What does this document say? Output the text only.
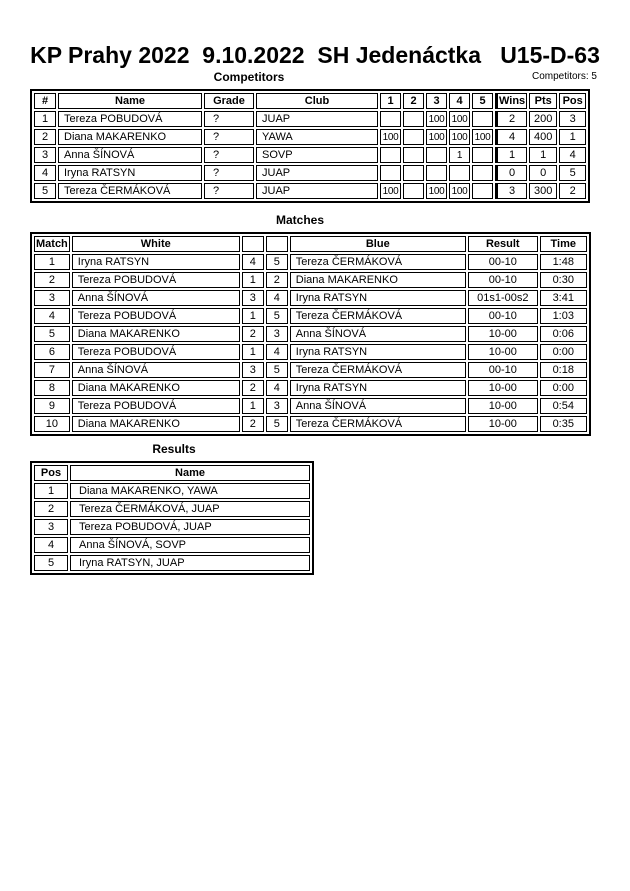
KP Prahy 2022  9.10.2022  SH Jedenáctka   U15-D-63
Competitors	Competitors: 5
#	Name	Grade	Club	1	2	3	4	5	Wins	Pts	Pos
1	Tereza POBUDOVÁ	?	JUAP			100	100		2	200	3
2	Diana MAKARENKO	?	YAWA	100		100	100	100	4	400	1
3	Anna ŠÍNOVÁ	?	SOVP				1		1	1	4
4	Iryna RATSYN	?	JUAP						0	0	5
5	Tereza ČERMÁKOVÁ	?	JUAP	100		100	100		3	300	2
Matches
Match	White			Blue	Result	Time
1	Iryna RATSYN	4	5	Tereza ČERMÁKOVÁ	00-10	1:48
2	Tereza POBUDOVÁ	1	2	Diana MAKARENKO	00-10	0:30
3	Anna ŠÍNOVÁ	3	4	Iryna RATSYN	01s1-00s2	3:41
4	Tereza POBUDOVÁ	1	5	Tereza ČERMÁKOVÁ	00-10	1:03
5	Diana MAKARENKO	2	3	Anna ŠÍNOVÁ	10-00	0:06
6	Tereza POBUDOVÁ	1	4	Iryna RATSYN	10-00	0:00
7	Anna ŠÍNOVÁ	3	5	Tereza ČERMÁKOVÁ	00-10	0:18
8	Diana MAKARENKO	2	4	Iryna RATSYN	10-00	0:00
9	Tereza POBUDOVÁ	1	3	Anna ŠÍNOVÁ	10-00	0:54
10	Diana MAKARENKO	2	5	Tereza ČERMÁKOVÁ	10-00	0:35
Results
Pos	Name
1	Diana MAKARENKO, YAWA
2	Tereza ČERMÁKOVÁ, JUAP
3	Tereza POBUDOVÁ, JUAP
4	Anna ŠÍNOVÁ, SOVP
5	Iryna RATSYN, JUAP
